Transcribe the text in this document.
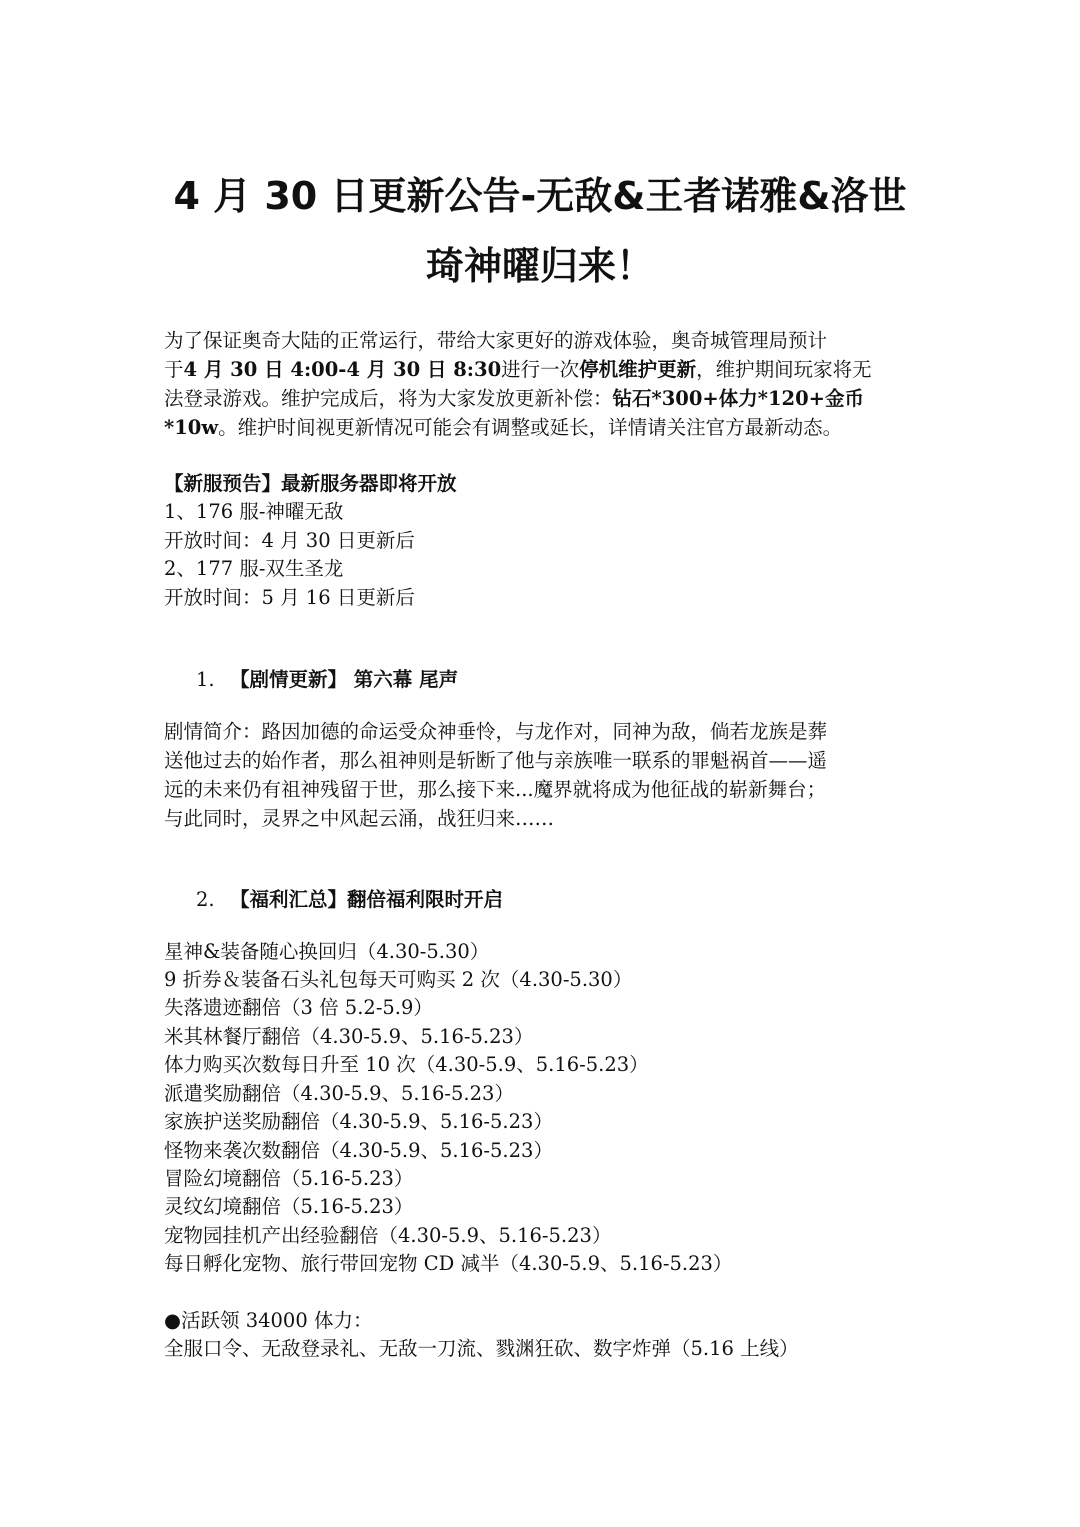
4 月 30 日更新公告-无敌&王者诺雅&洛世
琦神曜归来！

为了保证奥奇大陆的正常运行，带给大家更好的游戏体验，奥奇城管理局预计

于4 月 30 日 4:00-4 月 30 日 8:30进行一次停机维护更新，维护期间玩家将无

法登录游戏。维护完成后，将为大家发放更新补偿：钻石*300+体力*120+金币

*10w。维护时间视更新情况可能会有调整或延长，详情请关注官方最新动态。

【新服预告】最新服务器即将开放

1、176 服-神曜无敌

开放时间：4 月 30 日更新后

2、177 服-双生圣龙

开放时间：5 月 16 日更新后

1. 【剧情更新】 第六幕 尾声

剧情简介：路因加德的命运受众神垂怜，与龙作对，同神为敌，倘若龙族是葬

送他过去的始作者，那么祖神则是斩断了他与亲族唯一联系的罪魁祸首——遥

远的未来仍有祖神残留于世，那么接下来...魔界就将成为他征战的崭新舞台；

与此同时，灵界之中风起云涌，战狂归来……

2. 【福利汇总】翻倍福利限时开启

星神&装备随心换回归（4.30-5.30）

9 折券＆装备石头礼包每天可购买 2 次（4.30-5.30）

失落遗迹翻倍（3 倍 5.2-5.9）

米其林餐厅翻倍（4.30-5.9、5.16-5.23）

体力购买次数每日升至 10 次（4.30-5.9、5.16-5.23）

派遣奖励翻倍（4.30-5.9、5.16-5.23）

家族护送奖励翻倍（4.30-5.9、5.16-5.23）

怪物来袭次数翻倍（4.30-5.9、5.16-5.23）

冒险幻境翻倍（5.16-5.23）

灵纹幻境翻倍（5.16-5.23）

宠物园挂机产出经验翻倍（4.30-5.9、5.16-5.23）

每日孵化宠物、旅行带回宠物 CD 减半（4.30-5.9、5.16-5.23）

●活跃领 34000 体力：

全服口令、无敌登录礼、无敌一刀流、戮渊狂砍、数字炸弹（5.16 上线）
